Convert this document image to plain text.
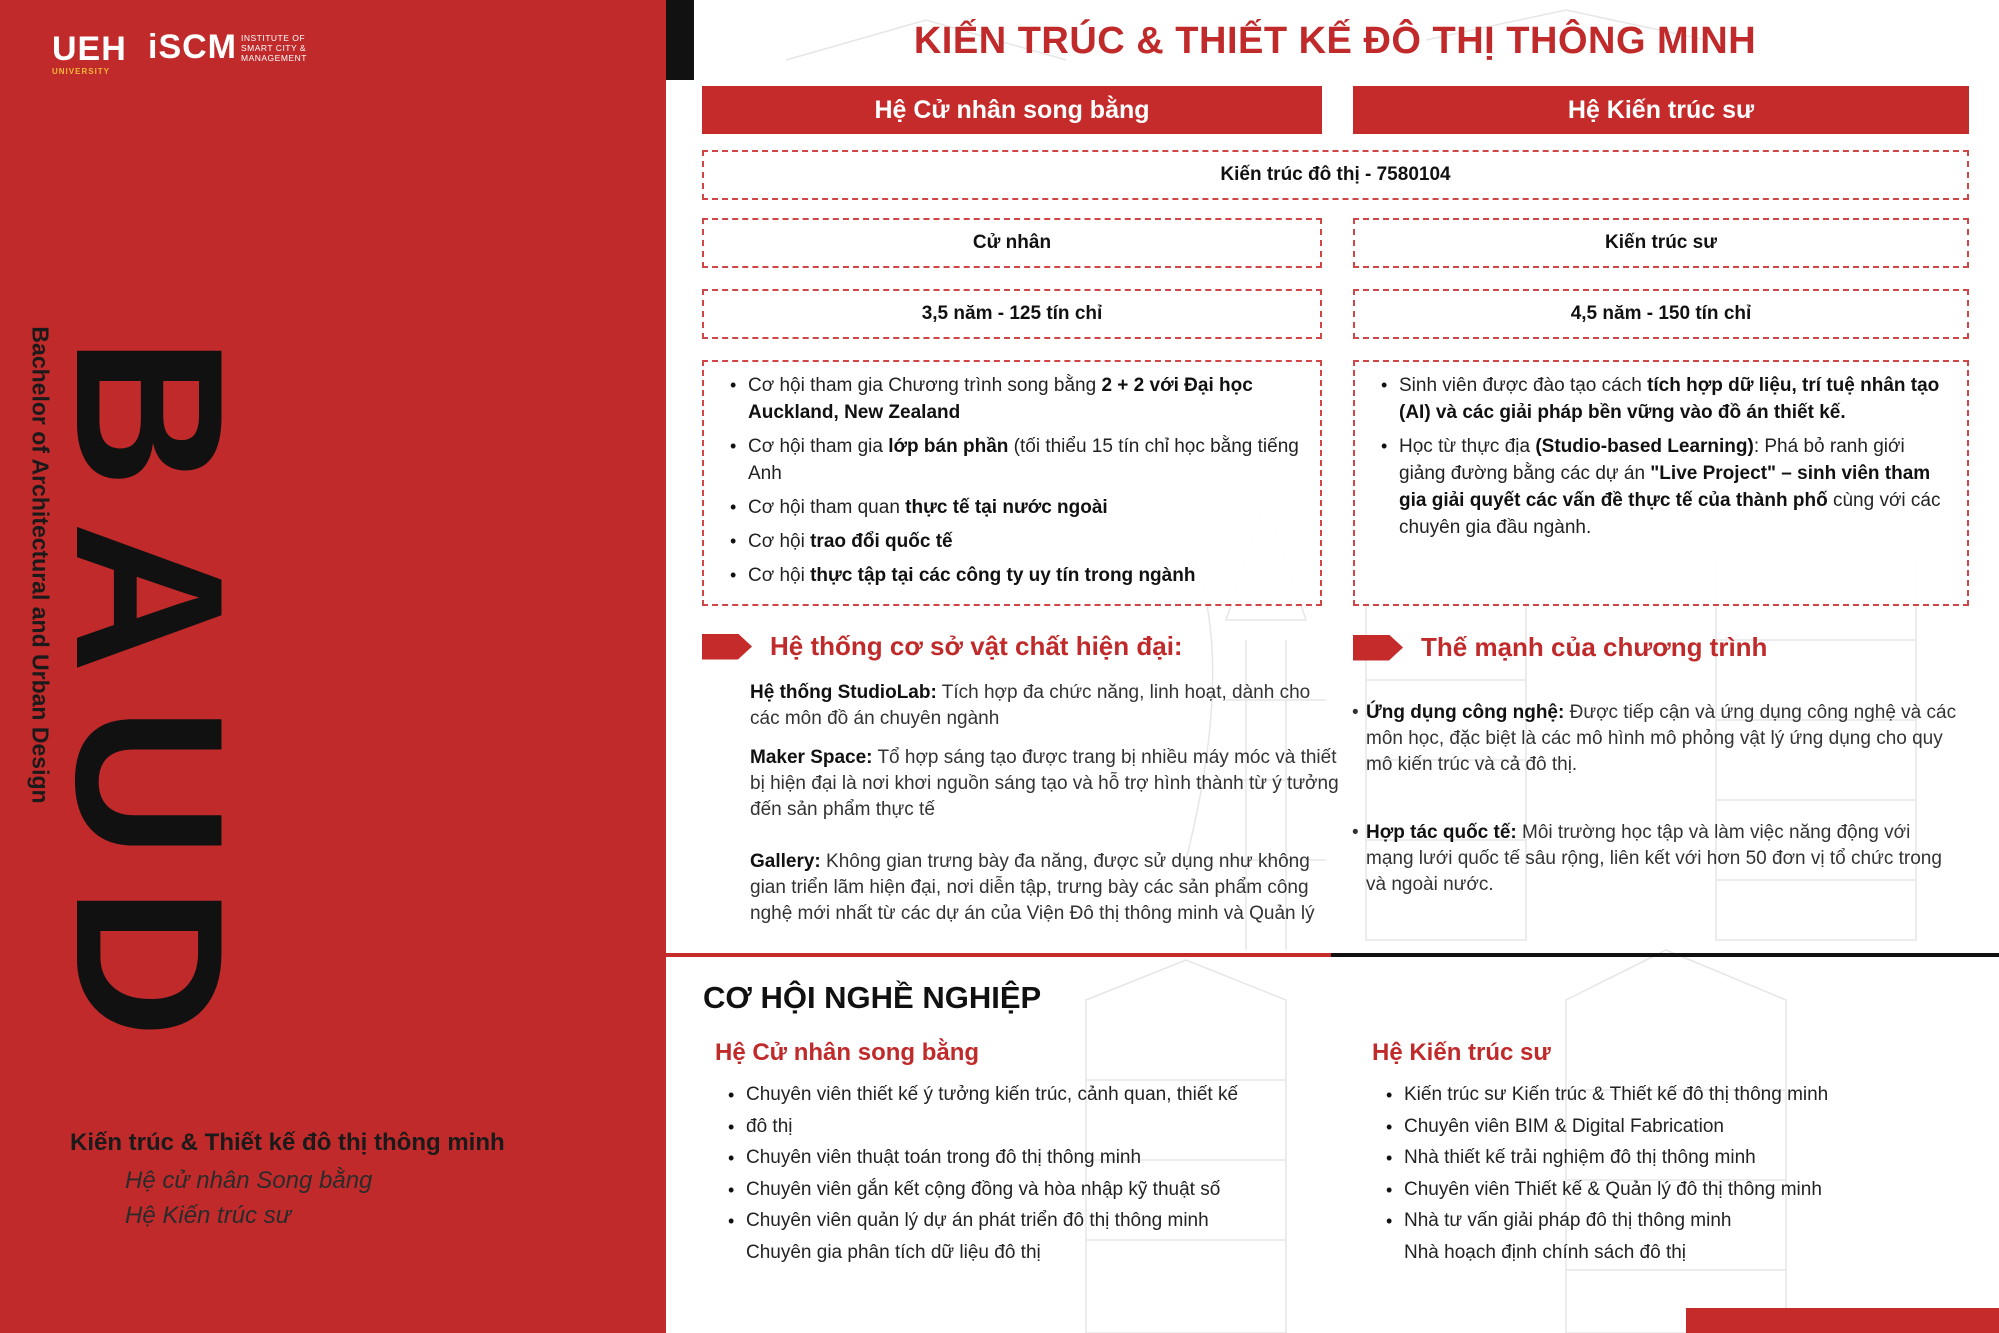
UEH
UNIVERSITY
iSCM INSTITUTE OF SMART CITY & MANAGEMENT
B
A
U
D
Bachelor of Architectural and Urban Design
Kiến trúc & Thiết kế đô thị thông minh
Hệ cử nhân Song bằng
Hệ Kiến trúc sư
KIẾN TRÚC & THIẾT KẾ ĐÔ THỊ THÔNG MINH
Hệ Cử nhân song bằng	Hệ Kiến trúc sư
Kiến trúc đô thị - 7580104
Cử nhân	Kiến trúc sư
3,5 năm - 125 tín chỉ	4,5 năm - 150 tín chỉ
• Cơ hội tham gia Chương trình song bằng 2 + 2 với Đại học Auckland, New Zealand
• Cơ hội tham gia lớp bán phần (tối thiểu 15 tín chỉ học bằng tiếng Anh
• Cơ hội tham quan thực tế tại nước ngoài
• Cơ hội trao đổi quốc tế
• Cơ hội thực tập tại các công ty uy tín trong ngành
• Sinh viên được đào tạo cách tích hợp dữ liệu, trí tuệ nhân tạo (AI) và các giải pháp bền vững vào đồ án thiết kế.
• Học từ thực địa (Studio-based Learning): Phá bỏ ranh giới giảng đường bằng các dự án "Live Project" – sinh viên tham gia giải quyết các vấn đề thực tế của thành phố cùng với các chuyên gia đầu ngành.
Hệ thống cơ sở vật chất hiện đại:
Hệ thống StudioLab: Tích hợp đa chức năng, linh hoạt, dành cho các môn đồ án chuyên ngành
Maker Space: Tổ hợp sáng tạo được trang bị nhiều máy móc và thiết bị hiện đại là nơi khơi nguồn sáng tạo và hỗ trợ hình thành từ ý tưởng đến sản phẩm thực tế
Gallery: Không gian trưng bày đa năng, được sử dụng như không gian triển lãm hiện đại, nơi diễn tập, trưng bày các sản phẩm công nghệ mới nhất từ các dự án của Viện Đô thị thông minh và Quản lý
Thế mạnh của chương trình
• Ứng dụng công nghệ: Được tiếp cận và ứng dụng công nghệ và các môn học, đặc biệt là các mô hình mô phỏng vật lý ứng dụng cho quy mô kiến trúc và cả đô thị.
• Hợp tác quốc tế: Môi trường học tập và làm việc năng động với mạng lưới quốc tế sâu rộng, liên kết với hơn 50 đơn vị tổ chức trong và ngoài nước.
CƠ HỘI NGHỀ NGHIỆP
Hệ Cử nhân song bằng
• Chuyên viên thiết kế ý tưởng kiến trúc, cảnh quan, thiết kế
• đô thị
• Chuyên viên thuật toán trong đô thị thông minh
• Chuyên viên gắn kết cộng đồng và hòa nhập kỹ thuật số
• Chuyên viên quản lý dự án phát triển đô thị thông minh
Chuyên gia phân tích dữ liệu đô thị
Hệ Kiến trúc sư
• Kiến trúc sư Kiến trúc & Thiết kế đô thị thông minh
• Chuyên viên BIM & Digital Fabrication
• Nhà thiết kế trải nghiệm đô thị thông minh
• Chuyên viên Thiết kế & Quản lý đô thị thông minh
• Nhà tư vấn giải pháp đô thị thông minh
Nhà hoạch định chính sách đô thị
